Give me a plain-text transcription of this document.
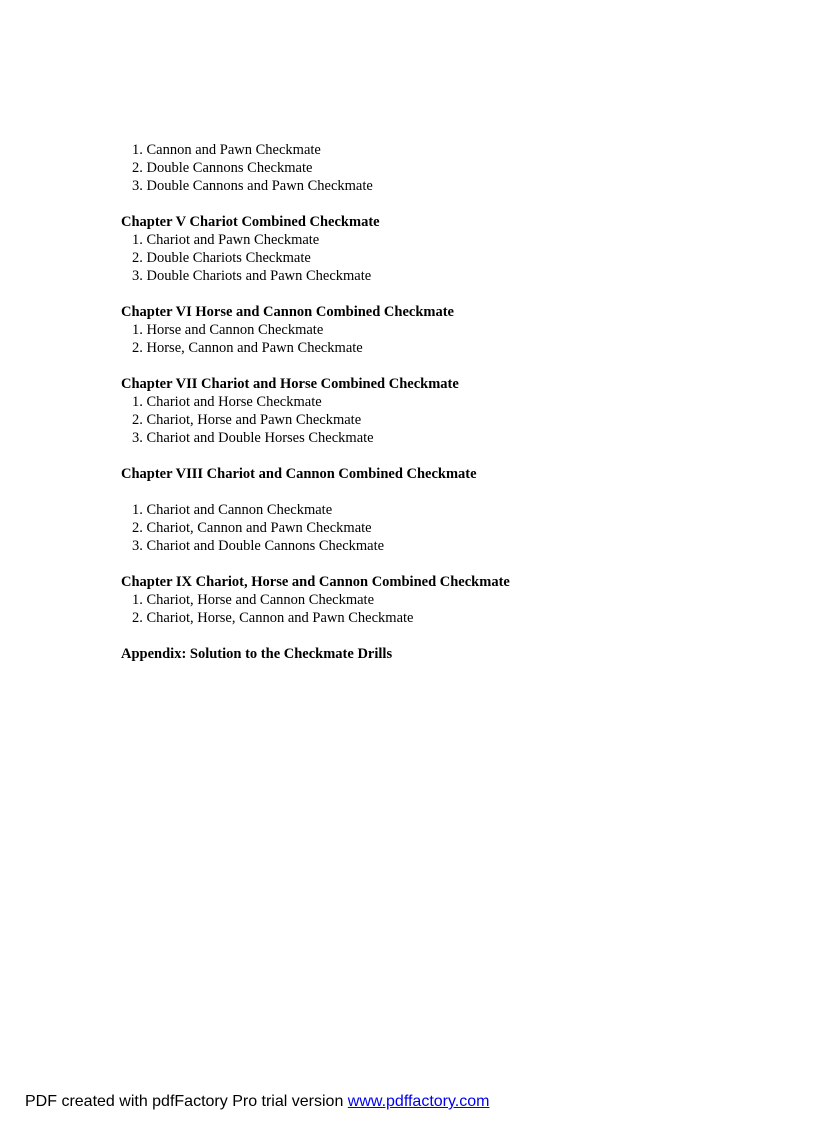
1. Cannon and Pawn Checkmate
2. Double Cannons Checkmate
3. Double Cannons and Pawn Checkmate
Chapter V Chariot Combined Checkmate
1. Chariot and Pawn Checkmate
2. Double Chariots Checkmate
3. Double Chariots and Pawn Checkmate
Chapter VI Horse and Cannon Combined Checkmate
1. Horse and Cannon Checkmate
2. Horse, Cannon and Pawn Checkmate
Chapter VII Chariot and Horse Combined Checkmate
1. Chariot and Horse Checkmate
2. Chariot, Horse and Pawn Checkmate
3. Chariot and Double Horses Checkmate
Chapter VIII Chariot and Cannon Combined Checkmate
1. Chariot and Cannon Checkmate
2. Chariot, Cannon and Pawn Checkmate
3. Chariot and Double Cannons Checkmate
Chapter IX Chariot, Horse and Cannon Combined Checkmate
1. Chariot, Horse and Cannon Checkmate
2. Chariot, Horse, Cannon and Pawn Checkmate
Appendix: Solution to the Checkmate Drills
PDF created with pdfFactory Pro trial version www.pdffactory.com
